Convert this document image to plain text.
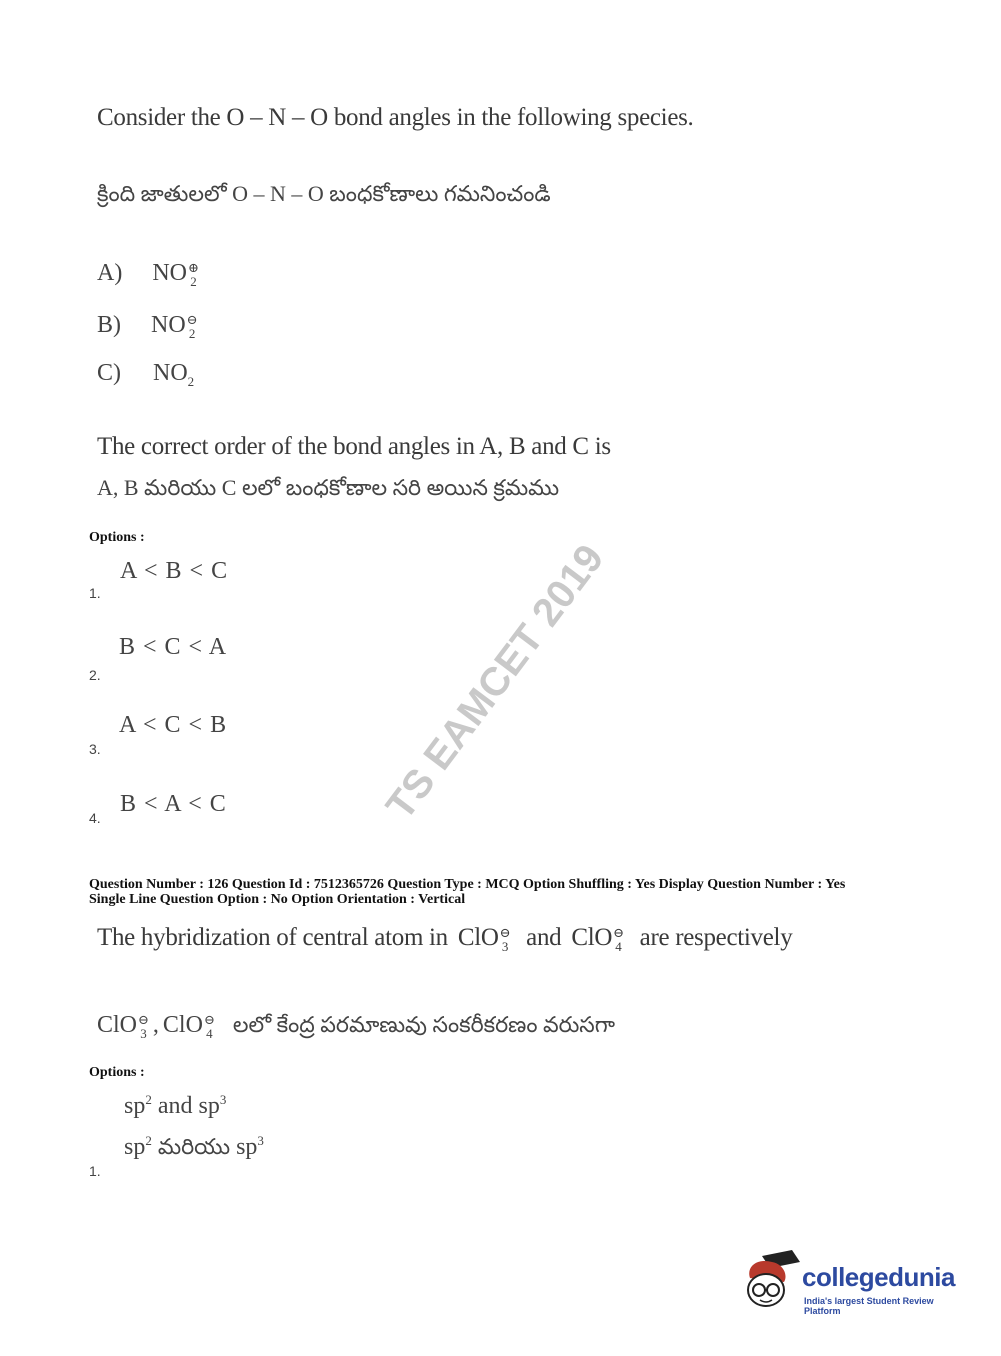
Consider the O – N – O bond angles in the following species.
క్రింది జాతులలో O – N – O బంధకోణాలు గమనించండి
A) NO ⊕
2
B) NO ⊖
2
C) $NO_2$
The correct order of the bond angles in A, B and C is
A, B మరియు C లలో బంధకోణాల సరి అయిన క్రమము
Options :
A < B < C
1.
B < C < A
2.
A < C < B
3.
B < A < C
4.	TS EAMCET 2019
Question Number : 126 Question Id : 7512365726 Question Type : MCQ Option Shuffling : Yes Display Question Number : Yes
Single Line Question Option : No Option Orientation : Vertical
The hybridization of central atom in ClO ⊖
3 and ClO ⊖
4 are respectively
ClO ⊖
3 , ClO ⊖
4 లలో కేంద్ర పరమాణువు సంకరీకరణం వరుసగా
Options :
$sp^2$ and $sp^3$
$sp^2$ మరియు $sp^3$
1.
collegedunia
India's largest Student Review Platform
